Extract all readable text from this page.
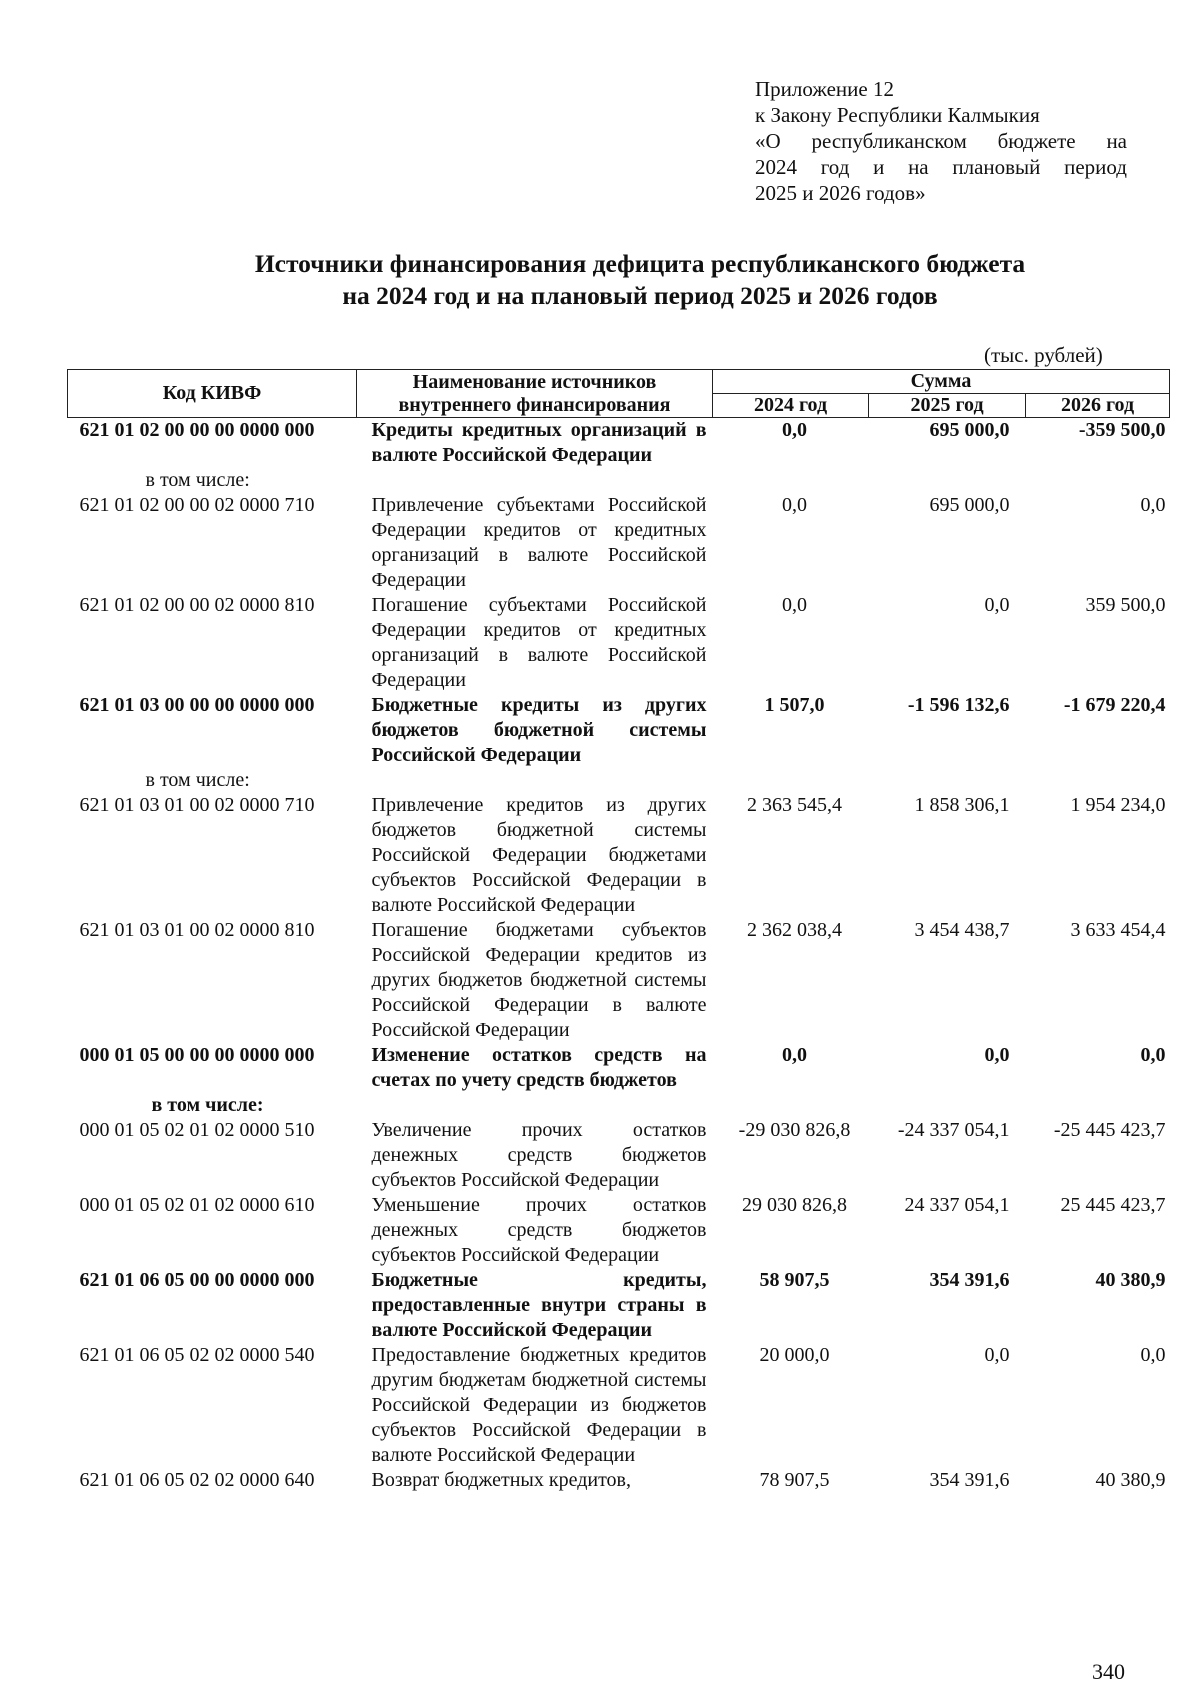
Приложение 12
к Закону Республики Калмыкия
«О республиканском бюджете на
2024 год и на плановый период
2025 и 2026 годов»
Источники финансирования дефицита республиканского бюджета
на 2024 год и на плановый период 2025 и 2026 годов
(тыс. рублей)
Код КИВФ	Наименование источников внутреннего финансирования	Сумма		
		2024 год	2025 год	2026 год
621 01 02 00 00 00 0000 000	Кредиты кредитных организаций в валюте Российской Федерации	0,0	695 000,0	-359 500,0
в том числе:				
621 01 02 00 00 02 0000 710	Привлечение субъектами Российской Федерации кредитов от кредитных организаций в валюте Российской Федерации	0,0	695 000,0	0,0
621 01 02 00 00 02 0000 810	Погашение субъектами Российской Федерации кредитов от кредитных организаций в валюте Российской Федерации	0,0	0,0	359 500,0
621 01 03 00 00 00 0000 000	Бюджетные кредиты из других бюджетов бюджетной системы Российской Федерации	1 507,0	-1 596 132,6	-1 679 220,4
в том числе:				
621 01 03 01 00 02 0000 710	Привлечение кредитов из других бюджетов бюджетной системы Российской Федерации бюджетами субъектов Российской Федерации в валюте Российской Федерации	2 363 545,4	1 858 306,1	1 954 234,0
621 01 03 01 00 02 0000 810	Погашение бюджетами субъектов Российской Федерации кредитов из других бюджетов бюджетной системы Российской Федерации в валюте Российской Федерации	2 362 038,4	3 454 438,7	3 633 454,4
000 01 05 00 00 00 0000 000	Изменение остатков средств на счетах по учету средств бюджетов	0,0	0,0	0,0
в том числе:				
000 01 05 02 01 02 0000 510	Увеличение прочих остатков денежных средств бюджетов субъектов Российской Федерации	-29 030 826,8	-24 337 054,1	-25 445 423,7
000 01 05 02 01 02 0000 610	Уменьшение прочих остатков денежных средств бюджетов субъектов Российской Федерации	29 030 826,8	24 337 054,1	25 445 423,7
621 01 06 05 00 00 0000 000	Бюджетные кредиты, предоставленные внутри страны в валюте Российской Федерации	58 907,5	354 391,6	40 380,9
621 01 06 05 02 02 0000 540	Предоставление бюджетных кредитов другим бюджетам бюджетной системы Российской Федерации из бюджетов субъектов Российской Федерации в валюте Российской Федерации	20 000,0	0,0	0,0
621 01 06 05 02 02 0000 640	Возврат бюджетных кредитов,	78 907,5	354 391,6	40 380,9
340
